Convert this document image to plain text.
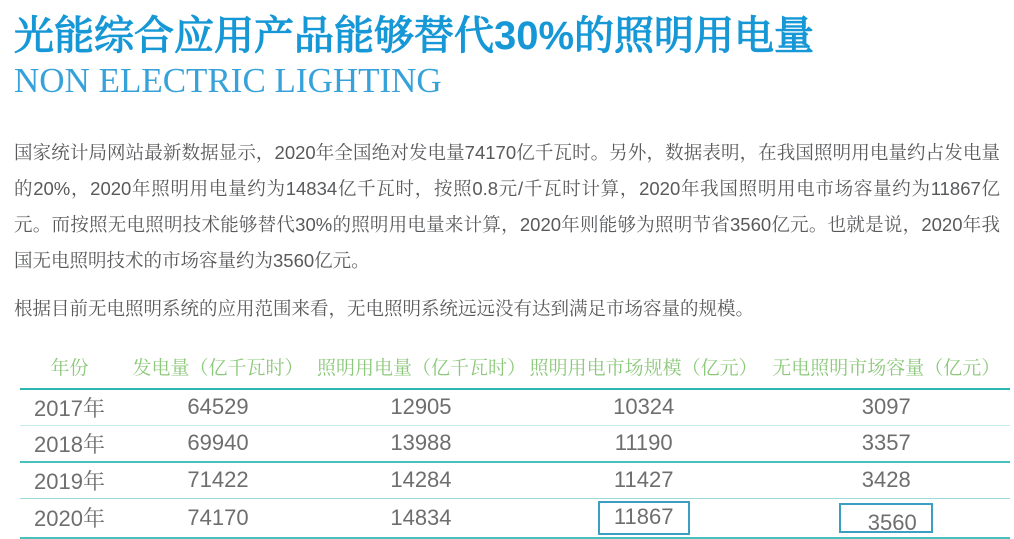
光能综合应用产品能够替代30%的照明用电量
NON ELECTRIC LIGHTING

国家统计局网站最新数据显示，2020年全国绝对发电量74170亿千瓦时。另外，数据表明，在我国照明用电量约占发电量的20%，2020年照明用电量约为14834亿千瓦时，按照0.8元/千瓦时计算，2020年我国照明用电市场容量约为11867亿元。而按照无电照明技术能够替代30%的照明用电量来计算，2020年则能够为照明节省3560亿元。也就是说，2020年我国无电照明技术的市场容量约为3560亿元。

根据目前无电照明系统的应用范围来看，无电照明系统远远没有达到满足市场容量的规模。

年份	发电量（亿千瓦时）	照明用电量（亿千瓦时）	照明用电市场规模（亿元）	无电照明市场容量（亿元）
2017年	64529	12905	10324	3097
2018年	69940	13988	11190	3357
2019年	71422	14284	11427	3428
2020年	74170	14834	11867	3560
